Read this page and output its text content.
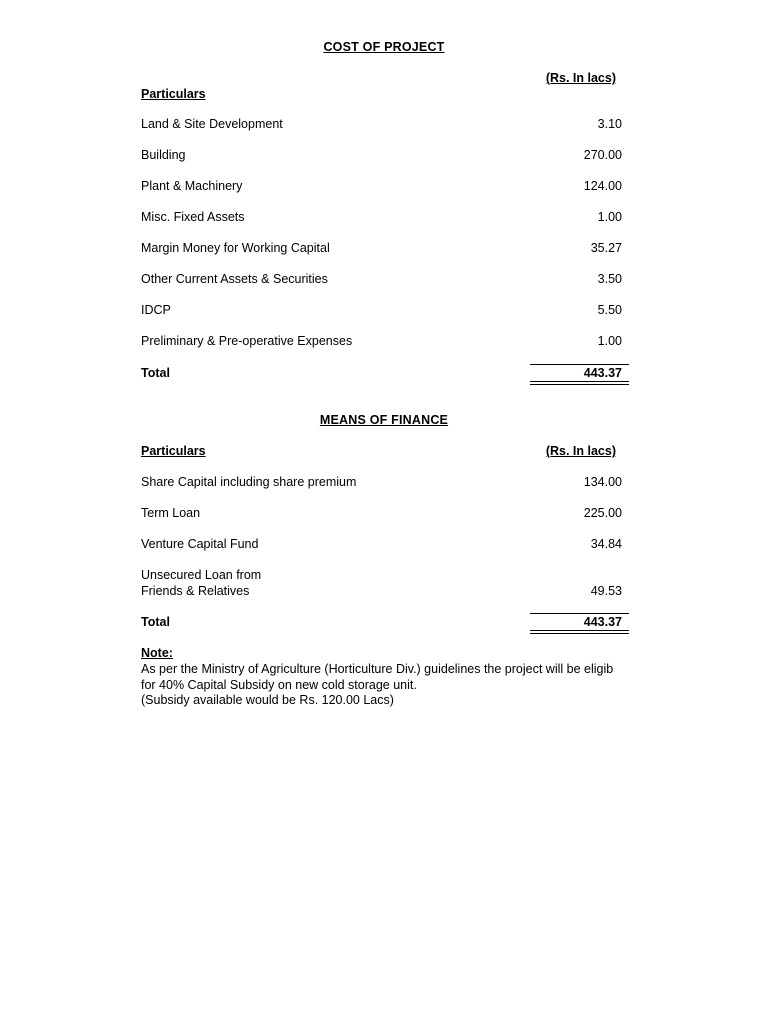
COST OF PROJECT
(Rs. In lacs)
Particulars
Land & Site Development	3.10
Building	270.00
Plant & Machinery	124.00
Misc. Fixed Assets	1.00
Margin Money for Working Capital	35.27
Other Current Assets & Securities	3.50
IDCP	5.50
Preliminary & Pre-operative Expenses	1.00
Total	443.37
MEANS OF FINANCE
Particulars	(Rs. In lacs)
Share Capital including share premium	134.00
Term Loan	225.00
Venture Capital Fund	34.84
Unsecured Loan from
Friends & Relatives	49.53
Total	443.37
Note:
As per the Ministry of Agriculture (Horticulture Div.) guidelines the project will be eligib
for 40% Capital Subsidy on new cold storage unit.
(Subsidy available would be Rs. 120.00 Lacs)
